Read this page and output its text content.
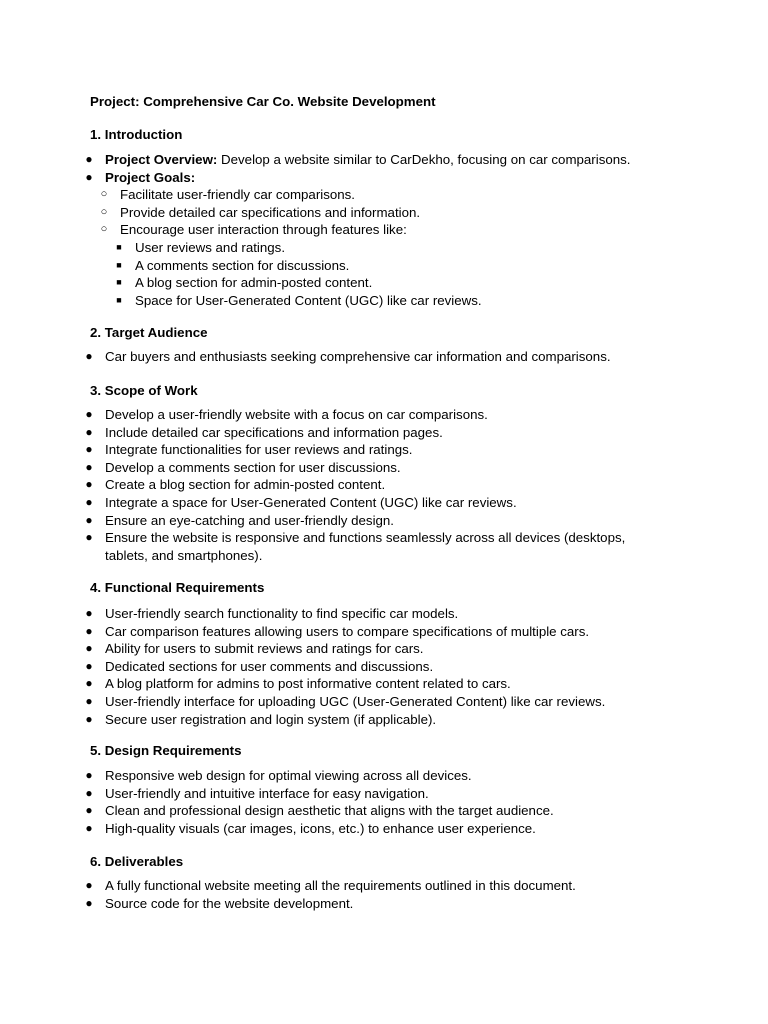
Project: Comprehensive Car Co. Website Development
1. Introduction
● Project Overview: Develop a website similar to CarDekho, focusing on car comparisons.
● Project Goals:
○ Facilitate user-friendly car comparisons.
○ Provide detailed car specifications and information.
○ Encourage user interaction through features like:
■ User reviews and ratings.
■ A comments section for discussions.
■ A blog section for admin-posted content.
■ Space for User-Generated Content (UGC) like car reviews.
2. Target Audience
● Car buyers and enthusiasts seeking comprehensive car information and comparisons.
3. Scope of Work
● Develop a user-friendly website with a focus on car comparisons.
● Include detailed car specifications and information pages.
● Integrate functionalities for user reviews and ratings.
● Develop a comments section for user discussions.
● Create a blog section for admin-posted content.
● Integrate a space for User-Generated Content (UGC) like car reviews.
● Ensure an eye-catching and user-friendly design.
● Ensure the website is responsive and functions seamlessly across all devices (desktops, tablets, and smartphones).
4. Functional Requirements
● User-friendly search functionality to find specific car models.
● Car comparison features allowing users to compare specifications of multiple cars.
● Ability for users to submit reviews and ratings for cars.
● Dedicated sections for user comments and discussions.
● A blog platform for admins to post informative content related to cars.
● User-friendly interface for uploading UGC (User-Generated Content) like car reviews.
● Secure user registration and login system (if applicable).
5. Design Requirements
● Responsive web design for optimal viewing across all devices.
● User-friendly and intuitive interface for easy navigation.
● Clean and professional design aesthetic that aligns with the target audience.
● High-quality visuals (car images, icons, etc.) to enhance user experience.
6. Deliverables
● A fully functional website meeting all the requirements outlined in this document.
● Source code for the website development.
